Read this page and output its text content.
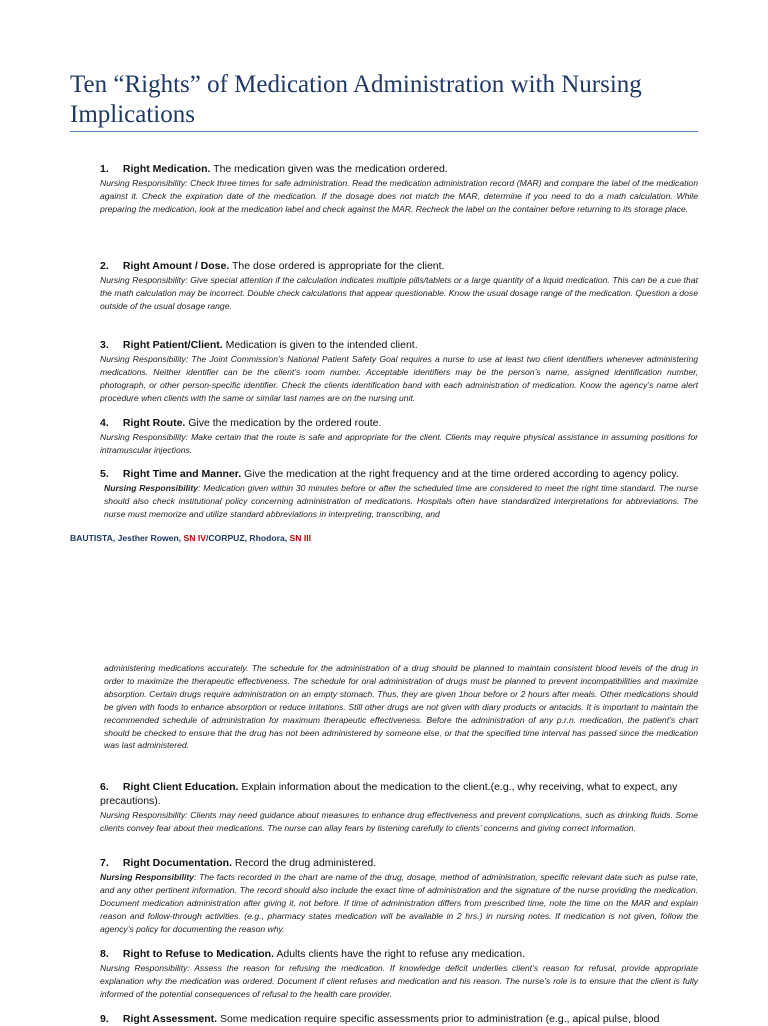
Ten “Rights” of Medication Administration with Nursing Implications
1. Right Medication. The medication given was the medication ordered.
Nursing Responsibility: Check three times for safe administration. Read the medication administration record (MAR) and compare the label of the medication against it. Check the expiration date of the medication. If the dosage does not match the MAR, determine if you need to do a math calculation. While preparing the medication, look at the medication label and check against the MAR. Recheck the label on the container before returning to its storage place.
2. Right Amount / Dose. The dose ordered is appropriate for the client.
Nursing Responsibility: Give special attention if the calculation indicates multiple pills/tablets or a large quantity of a liquid medication. This can be a cue that the math calculation may be incorrect. Double check calculations that appear questionable. Know the usual dosage range of the medication. Question a dose outside of the usual dosage range.
3. Right Patient/Client. Medication is given to the intended client.
Nursing Responsibility: The Joint Commission’s National Patient Safety Goal requires a nurse to use at least two client identifiers whenever administering medications. Neither identifier can be the client’s room number. Acceptable identifiers may be the person’s name, assigned identification number, photograph, or other person-specific identifier. Check the clients identification band with each administration of medication. Know the agency’s name alert procedure when clients with the same or similar last names are on the nursing unit.
4. Right Route. Give the medication by the ordered route.
Nursing Responsibility: Make certain that the route is safe and appropriate for the client. Clients may require physical assistance in assuming positions for intramuscular injections.
5. Right Time and Manner. Give the medication at the right frequency and at the time ordered according to agency policy.
Nursing Responsibility: Medication given within 30 minutes before or after the scheduled time are considered to meet the right time standard. The nurse should also check institutional policy concerning administration of medications. Hospitals often have standardized interpretations for abbreviations. The nurse must memorize and utilize standard abbreviations in interpreting, transcribing, and
BAUTISTA, Jesther Rowen, SN IV/CORPUZ, Rhodora, SN III
administering medications accurately. The schedule for the administration of a drug should be planned to maintain consistent blood levels of the drug in order to maximize the therapeutic effectiveness. The schedule for oral administration of drugs must be planned to prevent incompatibilities and maximize absorption. Certain drugs require administration on an empty stomach. Thus, they are given 1hour before or 2 hours after meals. Other medications should be given with foods to enhance absorption or reduce irritations. Still other drugs are not given with diary products or antacids. It is important to maintain the recommended schedule of administration for maximum therapeutic effectiveness. Before the administration of any p.r.n. medication, the patient’s chart should be checked to ensure that the drug has not been administered by someone else, or that the specified time interval has passed since the medication was last administered.
6. Right Client Education. Explain information about the medication to the client.(e.g., why receiving, what to expect, any precautions).
Nursing Responsibility: Clients may need guidance about measures to enhance drug effectiveness and prevent complications, such as drinking fluids. Some clients convey fear about their medications. The nurse can allay fears by listening carefully to clients’ concerns and giving correct information.
7. Right Documentation. Record the drug administered.
Nursing Responsibility: The facts recorded in the chart are name of the drug, dosage, method of administration, specific relevant data such as pulse rate, and any other pertinent information. The record should also include the exact time of administration and the signature of the nurse providing the medication. Document medication administration after giving it, not before. If time of administration differs from prescribed time, note the time on the MAR and explain reason and follow-through activities. (e.g., pharmacy states medication will be available in 2 hrs.) in nursing notes. If medication is not given, follow the agency’s policy for documenting the reason why.
8. Right to Refuse to Medication. Adults clients have the right to refuse any medication.
Nursing Responsibility: Assess the reason for refusing the medication. If knowledge deficit underlies client’s reason for refusal, provide appropriate explanation why the medication was ordered. Document if client refuses and medication and his reason. The nurse’s role is to ensure that the client is fully informed of the potential consequences of refusal to the health care provider.
9. Right Assessment. Some medication require specific assessments prior to administration (e.g., apical pulse, blood
